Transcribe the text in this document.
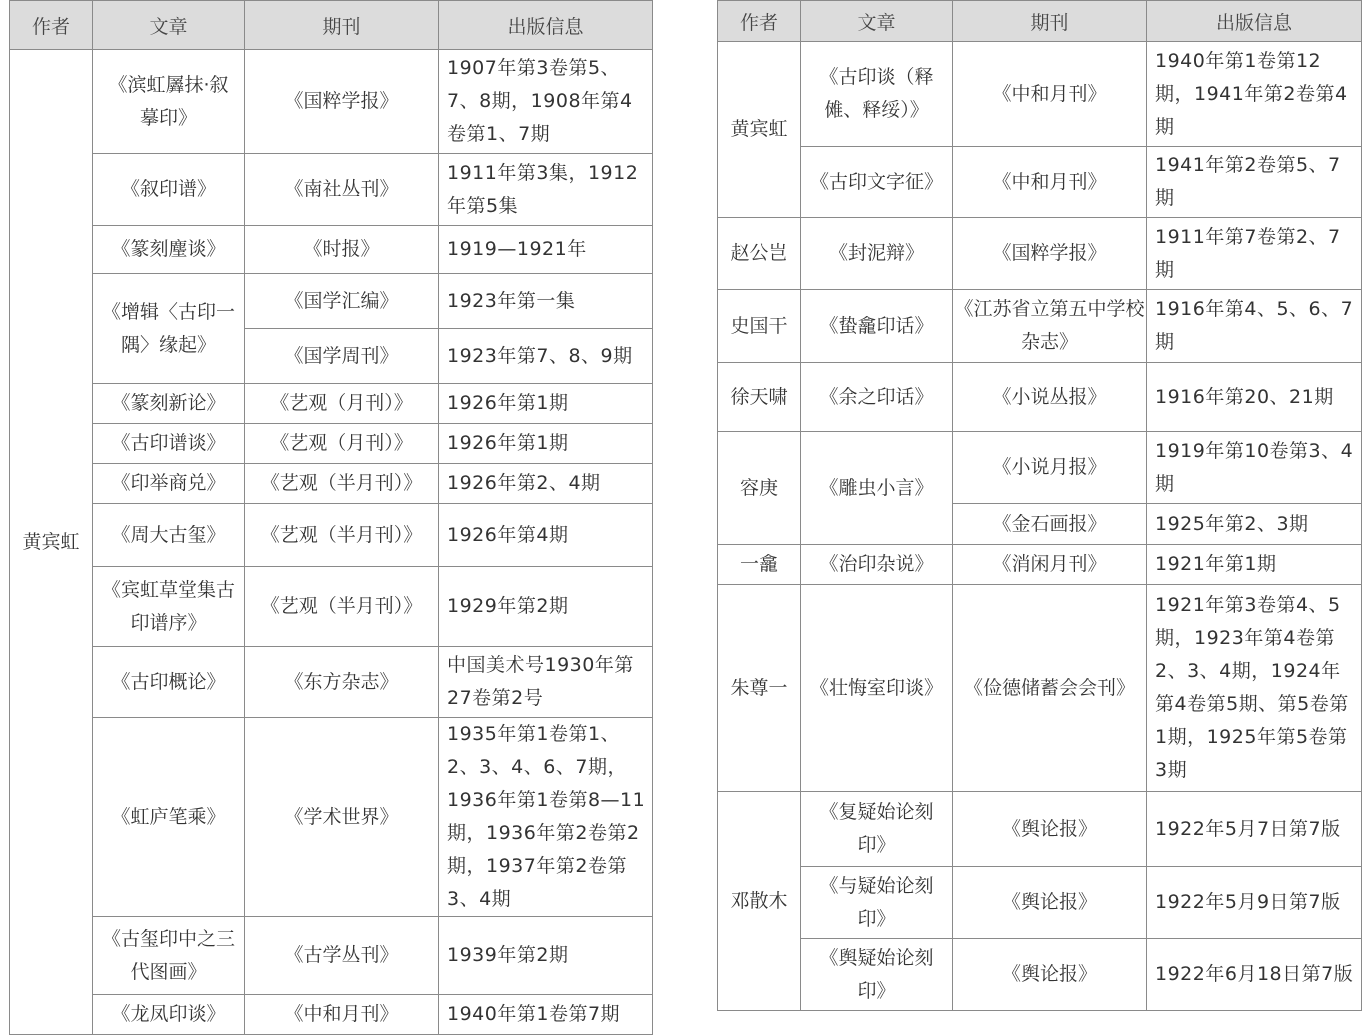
作者	文章	期刊	出版信息
黄宾虹	《滨虹羼抹·叙摹印》	《国粹学报》	1907年第3卷第5、7、8期，1908年第4卷第1、7期
	《叙印谱》	《南社丛刊》	1911年第3集，1912年第5集
	《篆刻麈谈》	《时报》	1919—1921年
	《增辑〈古印一隅〉缘起》	《国学汇编》	1923年第一集
		《国学周刊》	1923年第7、8、9期
	《篆刻新论》	《艺观（月刊）》	1926年第1期
	《古印谱谈》	《艺观（月刊）》	1926年第1期
	《印举商兑》	《艺观（半月刊）》	1926年第2、4期
	《周大古玺》	《艺观（半月刊）》	1926年第4期
	《宾虹草堂集古印谱序》	《艺观（半月刊）》	1929年第2期
	《古印概论》	《东方杂志》	中国美术号1930年第27卷第2号
	《虹庐笔乘》	《学术世界》	1935年第1卷第1、2、3、4、6、7期，1936年第1卷第8—11期，1936年第2卷第2期，1937年第2卷第3、4期
	《古玺印中之三代图画》	《古学丛刊》	1939年第2期
	《龙凤印谈》	《中和月刊》	1940年第1卷第7期
作者	文章	期刊	出版信息
黄宾虹	《古印谈（释傩、释绥）》	《中和月刊》	1940年第1卷第12期，1941年第2卷第4期
	《古印文字征》	《中和月刊》	1941年第2卷第5、7期
赵公岂	《封泥辩》	《国粹学报》	1911年第7卷第2、7期
史国干	《蛰龕印话》	《江苏省立第五中学校杂志》	1916年第4、5、6、7期
徐天啸	《余之印话》	《小说丛报》	1916年第20、21期
容庚	《雕虫小言》	《小说月报》	1919年第10卷第3、4期
		《金石画报》	1925年第2、3期
一龕	《治印杂说》	《消闲月刊》	1921年第1期
朱尊一	《壮悔室印谈》	《俭德储蓄会会刊》	1921年第3卷第4、5期，1923年第4卷第2、3、4期，1924年第4卷第5期、第5卷第1期，1925年第5卷第3期
邓散木	《复疑始论刻印》	《舆论报》	1922年5月7日第7版
	《与疑始论刻印》	《舆论报》	1922年5月9日第7版
	《舆疑始论刻印》	《舆论报》	1922年6月18日第7版
